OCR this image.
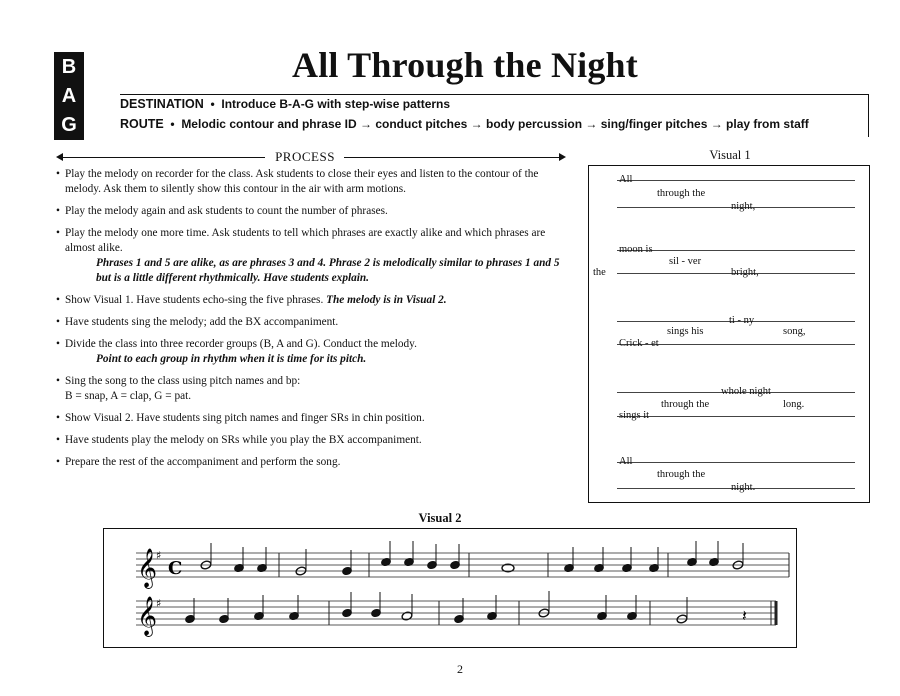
B
A
G
All Through the Night
DESTINATION  •  Introduce B-A-G with step-wise patterns
ROUTE  •  Melodic contour and phrase ID → conduct pitches → body percussion → sing/finger pitches → play from staff
PROCESS
• Play the melody on recorder for the class. Ask students to close their eyes and listen to the contour of the melody. Ask them to silently show this contour in the air with arm motions.
• Play the melody again and ask students to count the number of phrases.
• Play the melody one more time. Ask students to tell which phrases are exactly alike and which phrases are almost alike.
Phrases 1 and 5 are alike, as are phrases 3 and 4. Phrase 2 is melodically similar to phrases 1 and 5 but is a little different rhythmically. Have students explain.
• Show Visual 1. Have students echo-sing the five phrases. The melody is in Visual 2.
• Have students sing the melody; add the BX accompaniment.
• Divide the class into three recorder groups (B, A and G). Conduct the melody.
Point to each group in rhythm when it is time for its pitch.
• Sing the song to the class using pitch names and bp:
B = snap, A = clap, G = pat.
• Show Visual 2. Have students sing pitch names and finger SRs in chin position.
• Have students play the melody on SRs while you play the BX accompaniment.
• Prepare the rest of the accompaniment and perform the song.
Visual 1
All
through the
night,
moon is
sil - ver
the	bright,
ti - ny
sings his	song,
Crick - et
whole night
through the	long.
sings it
All
through the
night.
Visual 2
𝄞
𝄞
♯
♯
C
𝄽
2
